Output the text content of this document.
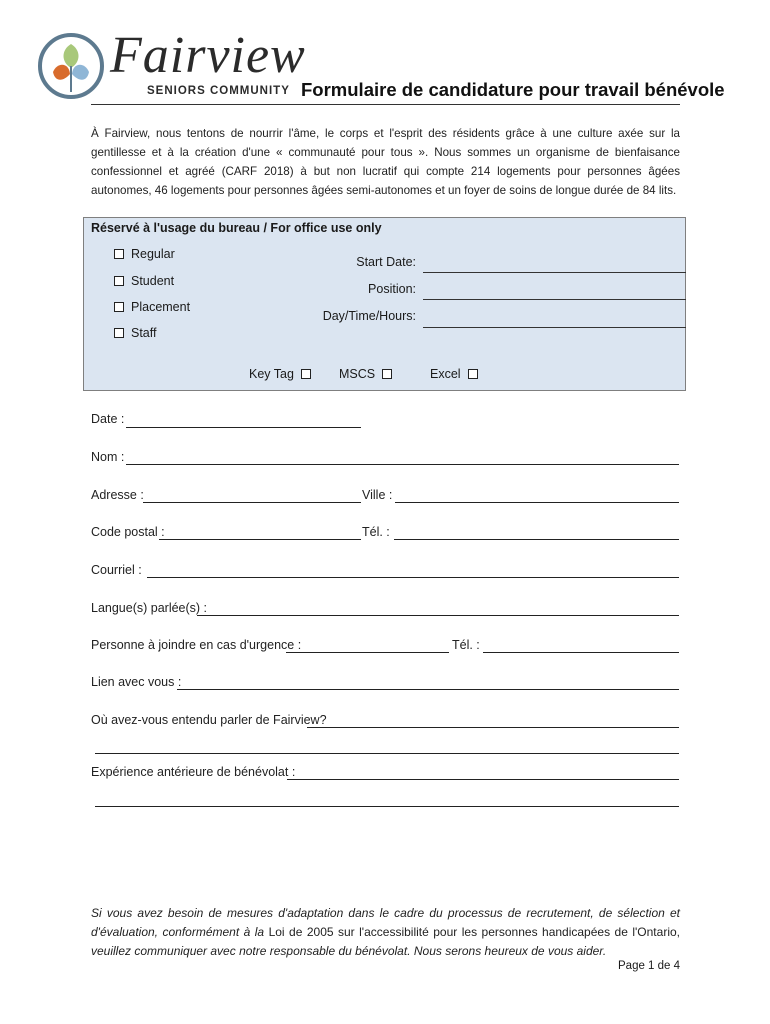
Fairview
SENIORS COMMUNITY Formulaire de candidature pour travail bénévole
À Fairview, nous tentons de nourrir l'âme, le corps et l'esprit des résidents grâce à une culture axée sur la gentillesse et à la création d'une « communauté pour tous ». Nous sommes un organisme de bienfaisance confessionnel et agréé (CARF 2018) à but non lucratif qui compte 214 logements pour personnes âgées autonomes, 46 logements pour personnes âgées semi-autonomes et un foyer de soins de longue durée de 84 lits.
Réservé à l'usage du bureau / For office use only
Regular
Student
Placement
Staff
Start Date:
Position:
Day/Time/Hours:
Key Tag	MSCS	Excel
Date :
Nom :
Adresse :	Ville :
Code postal :	Tél. :
Courriel :
Langue(s) parlée(s) :
Personne à joindre en cas d'urgence :	Tél. :
Lien avec vous :
Où avez-vous entendu parler de Fairview?
Expérience antérieure de bénévolat :
Si vous avez besoin de mesures d'adaptation dans le cadre du processus de recrutement, de sélection et d'évaluation, conformément à la Loi de 2005 sur l'accessibilité pour les personnes handicapées de l'Ontario, veuillez communiquer avec notre responsable du bénévolat. Nous serons heureux de vous aider.
Page 1 de 4
